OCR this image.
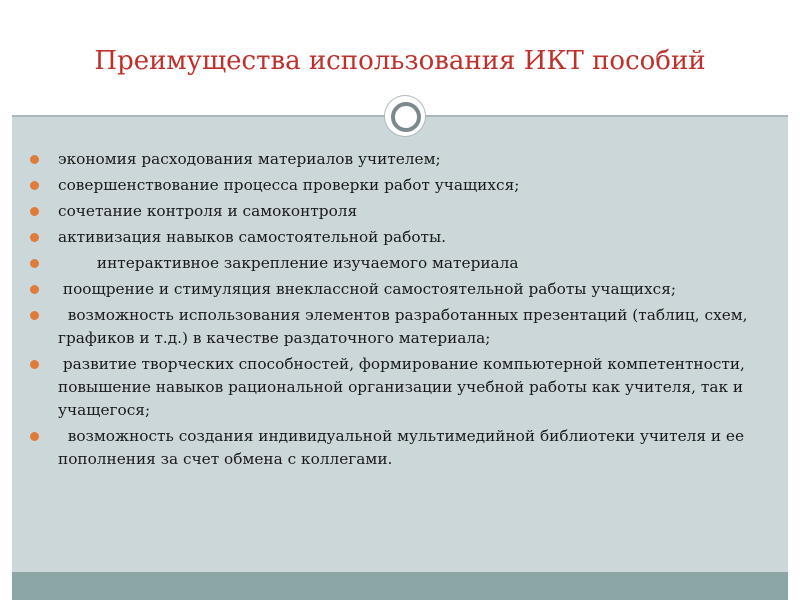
Преимущества использования ИКТ пособий
экономия расходования материалов учителем;
совершенствование процесса проверки работ учащихся;
сочетание контроля и самоконтроля
активизация навыков самостоятельной работы.
интерактивное закрепление изучаемого материала
поощрение и стимуляция внеклассной самостоятельной работы учащихся;
возможность использования элементов разработанных презентаций (таблиц, схем, графиков и т.д.) в качестве раздаточного материала;
развитие творческих способностей, формирование компьютерной компетентности, повышение навыков рациональной организации учебной работы как учителя, так и учащегося;
возможность создания индивидуальной мультимедийной библиотеки учителя и ее пополнения за счет обмена с коллегами.
